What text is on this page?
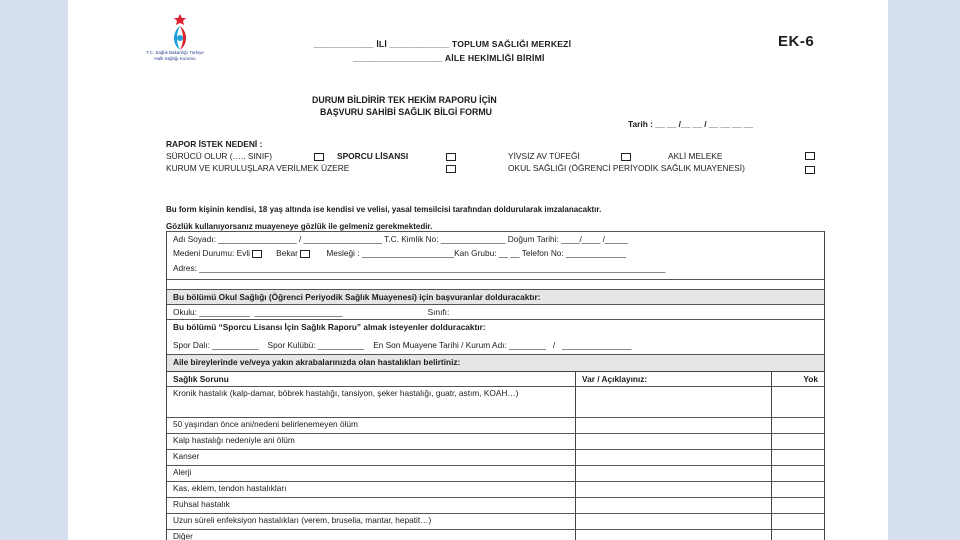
T.C. Sağlık Bakanlığı Türkiye Halk Sağlığı Kurumu
____________ İLİ ____________ TOPLUM SAĞLIĞI MERKEZİ
__________________ AİLE HEKİMLİĞİ BİRİMİ
EK-6
DURUM BİLDİRİR TEK HEKİM RAPORU İÇİN
BAŞVURU SAHİBİ SAĞLIK BİLGİ FORMU
Tarih : __ __ /__ __ / __ __ __ __
RAPOR İSTEK NEDENİ :
SÜRÜCÜ OLUR (….. SINIF)	SPORCU LİSANSI	YİVSİZ AV TÜFEĞİ	AKLİ MELEKE
KURUM VE KURULUŞLARA VERİLMEK ÜZERE	OKUL SAĞLIĞI (ÖĞRENCİ PERİYODİK SAĞLIK MUAYENESİ)
Bu form kişinin kendisi, 18 yaş altında ise kendisi ve velisi, yasal temsilcisi tarafından doldurularak imzalanacaktır.
Gözlük kullanıyorsanız muayeneye gözlük ile gelmeniz gerekmektedir.
Adı Soyadı: _________________ / _________________ T.C. Kimlik No: ______________ Doğum Tarihi: ____/____ /_____
Medeni Durumu: Evli	Bekar	Mesleği : ____________________Kan Grubu: __ __ Telefon No: _____________
Adres: _____________________________________________________________________________________________________
Bu bölümü Okul Sağlığı (Öğrenci Periyodik Sağlık Muayenesi) için başvuranlar dolduracaktır:
Okulu: ___________  ___________________                                     Sınıfı:
Bu bölümü “Sporcu Lisansı İçin Sağlık Raporu” almak isteyenler dolduracaktır:
Spor Dalı: __________    Spor Kulübü: __________    En Son Muayene Tarihi / Kurum Adı: ________   /   _______________
Aile bireylerinde ve/veya yakın akrabalarınızda olan hastalıkları belirtiniz:
Sağlık Sorunu	Var / Açıklayınız:	Yok
Kronik hastalık (kalp-damar, böbrek hastalığı, tansiyon, şeker hastalığı, guatr, astım, KOAH…)
50 yaşından önce ani/nedeni belirlenemeyen ölüm
Kalp hastalığı nedeniyle ani ölüm
Kanser
Alerji
Kas, eklem, tendon hastalıkları
Ruhsal hastalık
Uzun süreli enfeksiyon hastalıkları (verem, bruselia, mantar, hepatit…)
Diğer
